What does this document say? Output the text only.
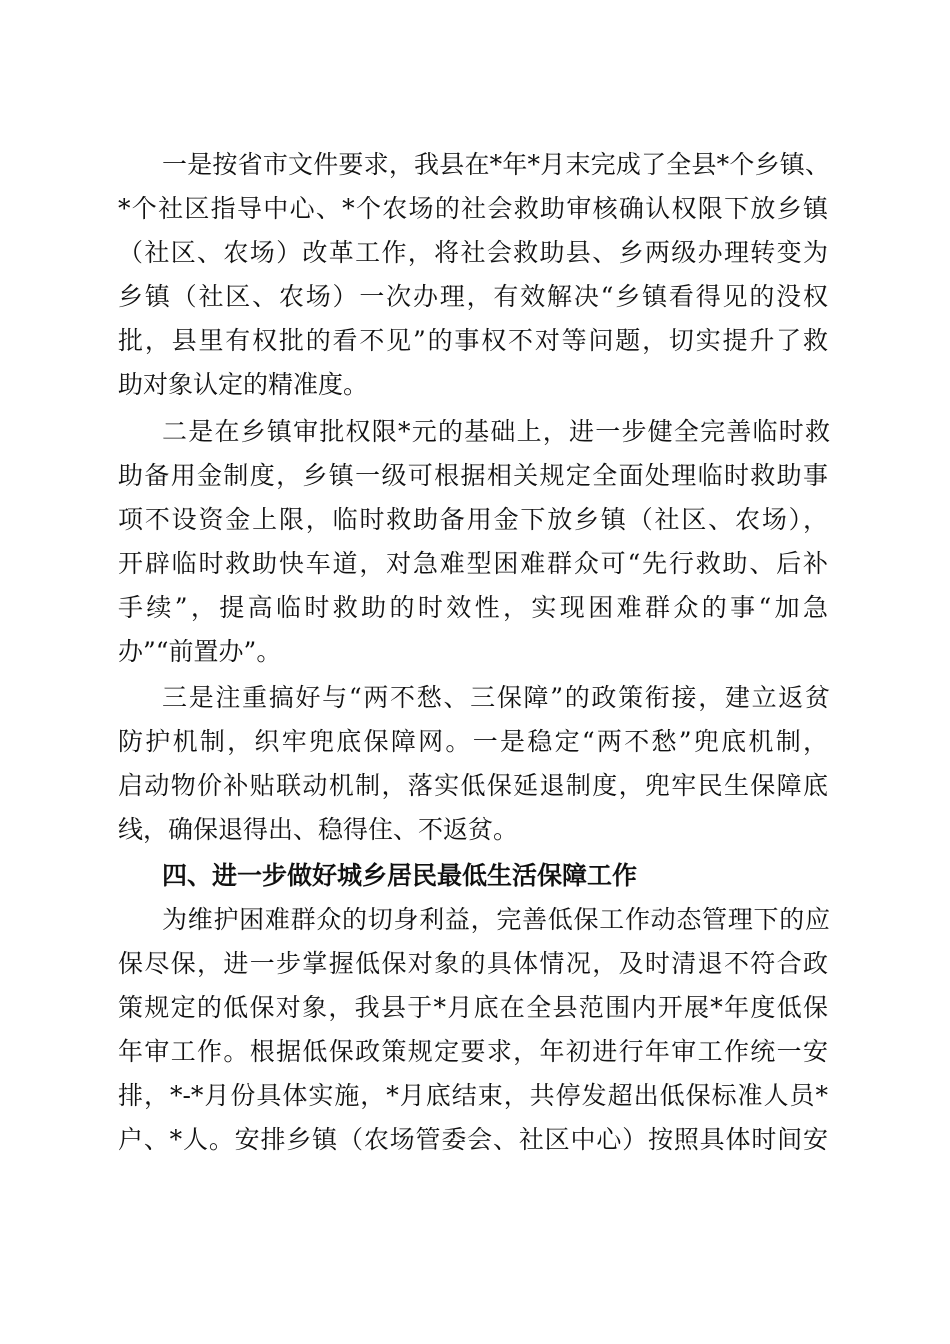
一是按省市文件要求，我县在*年*月末完成了全县*个乡镇、
*个社区指导中心、*个农场的社会救助审核确认权限下放乡镇
（社区、农场）改革工作，将社会救助县、乡两级办理转变为
乡镇（社区、农场）一次办理，有效解决“乡镇看得见的没权
批，县里有权批的看不见”的事权不对等问题，切实提升了救
助对象认定的精准度。
二是在乡镇审批权限*元的基础上，进一步健全完善临时救
助备用金制度，乡镇一级可根据相关规定全面处理临时救助事
项不设资金上限，临时救助备用金下放乡镇（社区、农场），
开辟临时救助快车道，对急难型困难群众可“先行救助、后补
手续”，提高临时救助的时效性，实现困难群众的事“加急
办”“前置办”。
三是注重搞好与“两不愁、三保障”的政策衔接，建立返贫
防护机制，织牢兜底保障网。一是稳定“两不愁”兜底机制，
启动物价补贴联动机制，落实低保延退制度，兜牢民生保障底
线，确保退得出、稳得住、不返贫。
四、进一步做好城乡居民最低生活保障工作
为维护困难群众的切身利益，完善低保工作动态管理下的应
保尽保，进一步掌握低保对象的具体情况，及时清退不符合政
策规定的低保对象，我县于*月底在全县范围内开展*年度低保
年审工作。根据低保政策规定要求，年初进行年审工作统一安
排，*-*月份具体实施，*月底结束，共停发超出低保标准人员*
户、*人。安排乡镇（农场管委会、社区中心）按照具体时间安
